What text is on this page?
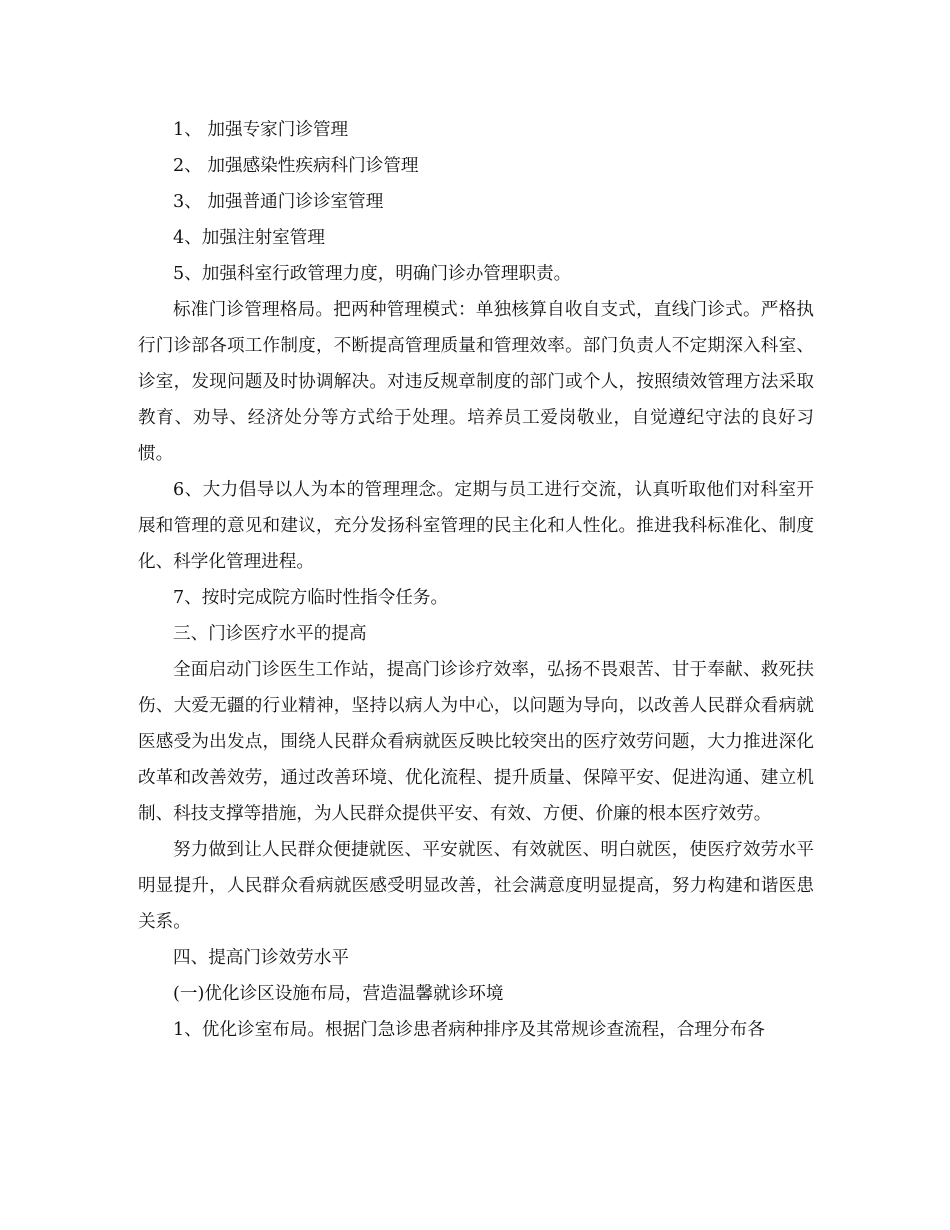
1、 加强专家门诊管理
2、 加强感染性疾病科门诊管理
3、 加强普通门诊诊室管理
4、加强注射室管理
5、加强科室行政管理力度，明确门诊办管理职责。

标准门诊管理格局。把两种管理模式：单独核算自收自支式，直线门诊式。严格执行门诊部各项工作制度，不断提高管理质量和管理效率。部门负责人不定期深入科室、诊室，发现问题及时协调解决。对违反规章制度的部门或个人，按照绩效管理方法采取教育、劝导、经济处分等方式给于处理。培养员工爱岗敬业，自觉遵纪守法的良好习惯。

6、大力倡导以人为本的管理理念。定期与员工进行交流，认真听取他们对科室开展和管理的意见和建议，充分发扬科室管理的民主化和人性化。推进我科标准化、制度化、科学化管理进程。

7、按时完成院方临时性指令任务。

三、门诊医疗水平的提高

全面启动门诊医生工作站，提高门诊诊疗效率，弘扬不畏艰苦、甘于奉献、救死扶伤、大爱无疆的行业精神，坚持以病人为中心，以问题为导向，以改善人民群众看病就医感受为出发点，围绕人民群众看病就医反映比较突出的医疗效劳问题，大力推进深化改革和改善效劳，通过改善环境、优化流程、提升质量、保障平安、促进沟通、建立机制、科技支撑等措施，为人民群众提供平安、有效、方便、价廉的根本医疗效劳。

努力做到让人民群众便捷就医、平安就医、有效就医、明白就医，使医疗效劳水平明显提升，人民群众看病就医感受明显改善，社会满意度明显提高，努力构建和谐医患关系。

四、提高门诊效劳水平

(一)优化诊区设施布局，营造温馨就诊环境

1、优化诊室布局。根据门急诊患者病种排序及其常规诊查流程，合理分布各
